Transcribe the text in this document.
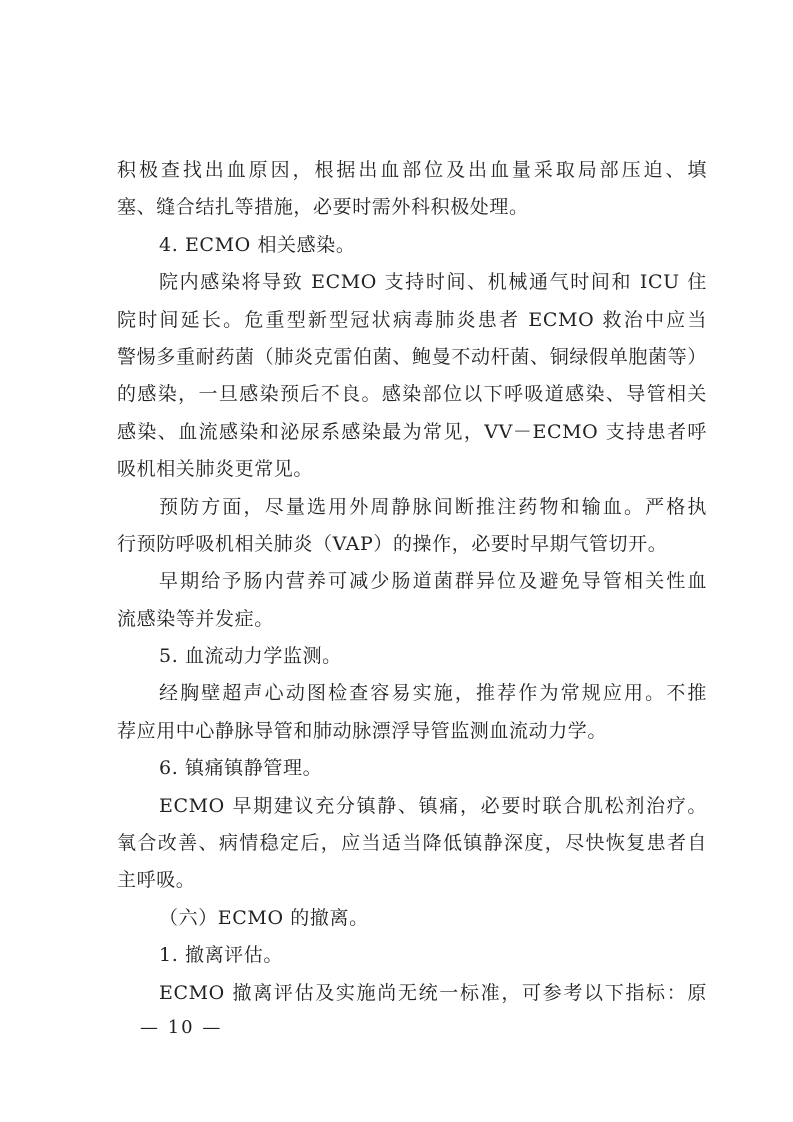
积极查找出血原因，根据出血部位及出血量采取局部压迫、填
塞、缝合结扎等措施，必要时需外科积极处理。
4. ECMO 相关感染。
院内感染将导致 ECMO 支持时间、机械通气时间和 ICU 住
院时间延长。危重型新型冠状病毒肺炎患者 ECMO 救治中应当
警惕多重耐药菌（肺炎克雷伯菌、鲍曼不动杆菌、铜绿假单胞菌等）
的感染，一旦感染预后不良。感染部位以下呼吸道感染、导管相关
感染、血流感染和泌尿系感染最为常见，VV－ECMO 支持患者呼
吸机相关肺炎更常见。
预防方面，尽量选用外周静脉间断推注药物和输血。严格执
行预防呼吸机相关肺炎（VAP）的操作，必要时早期气管切开。
早期给予肠内营养可减少肠道菌群异位及避免导管相关性血
流感染等并发症。
5. 血流动力学监测。
经胸壁超声心动图检查容易实施，推荐作为常规应用。不推
荐应用中心静脉导管和肺动脉漂浮导管监测血流动力学。
6. 镇痛镇静管理。
ECMO 早期建议充分镇静、镇痛，必要时联合肌松剂治疗。
氧合改善、病情稳定后，应当适当降低镇静深度，尽快恢复患者自
主呼吸。
（六）ECMO 的撤离。
1. 撤离评估。
ECMO 撤离评估及实施尚无统一标准，可参考以下指标：原
— 10 —
